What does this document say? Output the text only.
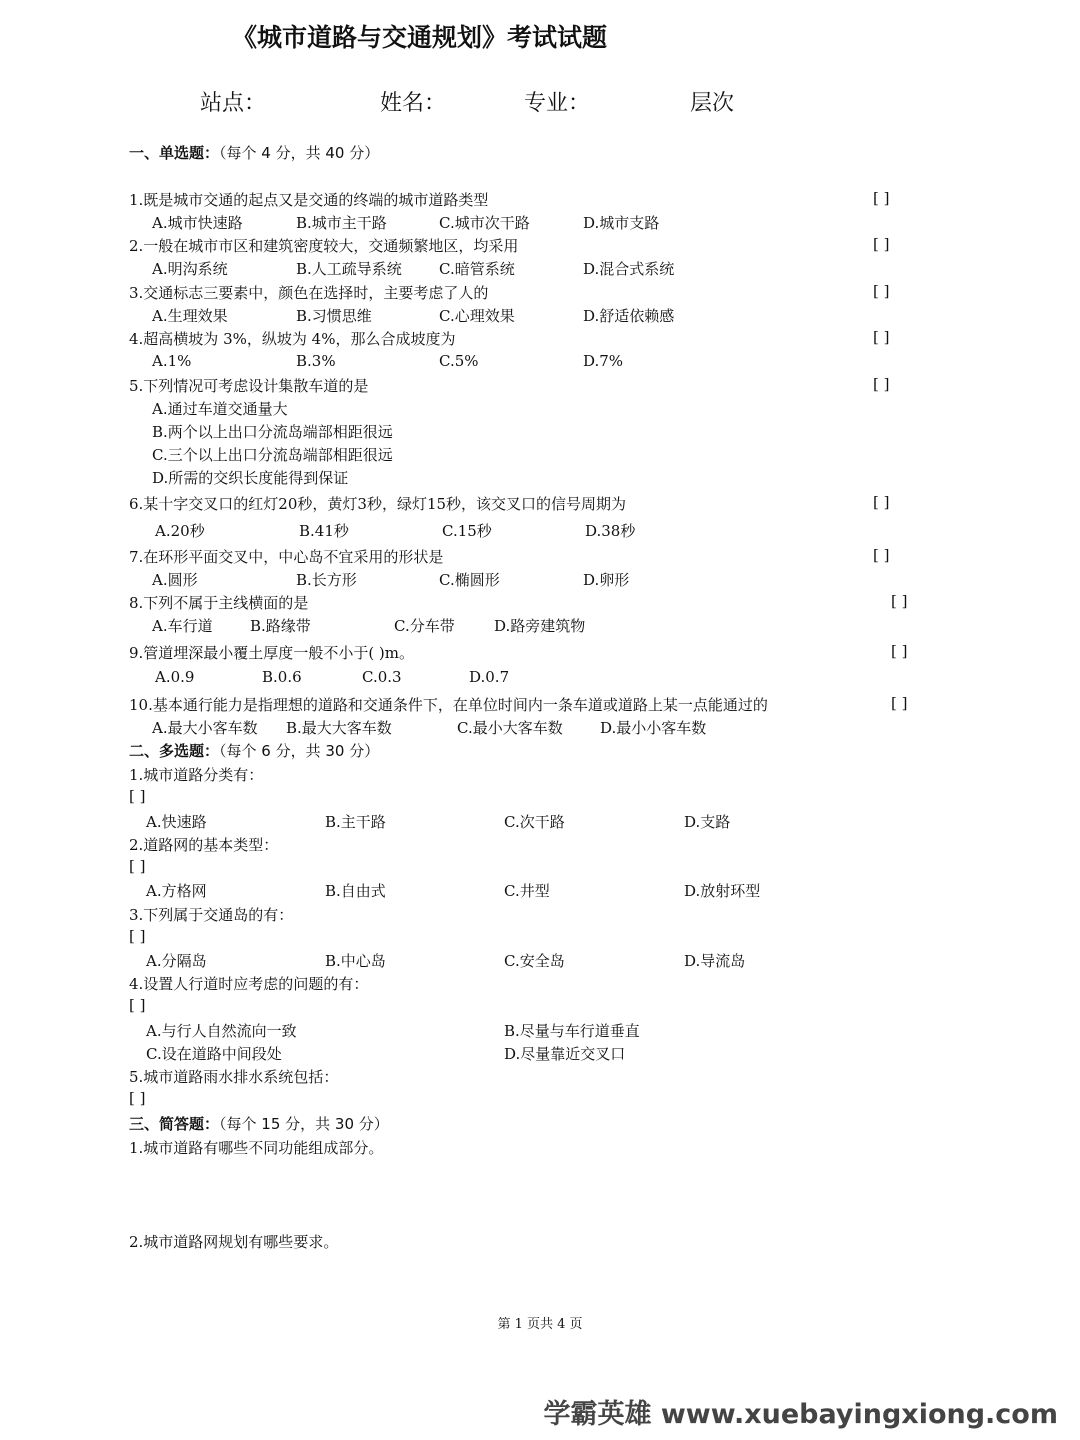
《城市道路与交通规划》考试试题
站点：	姓名：	专业：	层次
一、单选题：（每个 4 分，共 40 分）
1.既是城市交通的起点又是交通的终端的城市道路类型	[ ]
A.城市快速路	B.城市主干路	C.城市次干路	D.城市支路
2.一般在城市市区和建筑密度较大，交通频繁地区，均采用	[ ]
A.明沟系统	B.人工疏导系统 C.暗管系统	D.混合式系统
3.交通标志三要素中，颜色在选择时，主要考虑了人的	[ ]
A.生理效果	B.习惯思维	C.心理效果	D.舒适依赖感
4.超高横坡为 3%，纵坡为 4%，那么合成坡度为	[ ]
A.1%	B.3%	C.5%	D.7%
5.下列情况可考虑设计集散车道的是	[ ]
A.通过车道交通量大
B.两个以上出口分流岛端部相距很远
C.三个以上出口分流岛端部相距很远
D.所需的交织长度能得到保证
6.某十字交叉口的红灯20秒，黄灯3秒，绿灯15秒，该交叉口的信号周期为	[ ]
A.20秒	B.41秒	C.15秒	D.38秒
7.在环形平面交叉中，中心岛不宜采用的形状是	[ ]
A.圆形	B.长方形	C.椭圆形	D.卵形
8.下列不属于主线横面的是	[ ]
A.车行道 B.路缘带	C.分车带	D.路旁建筑物
9.管道埋深最小覆土厚度一般不小于( )m。	[ ]
A.0.9	B.0.6	C.0.3	D.0.7
10.基本通行能力是指理想的道路和交通条件下，在单位时间内一条车道或道路上某一点能通过的	[ ]
A.最大小客车数 B.最大大客车数	C.最小大客车数 D.最小小客车数
二、多选题：（每个 6 分，共 30 分）
1.城市道路分类有：
[ ]
A.快速路	B.主干路	C.次干路	D.支路
2.道路网的基本类型：
[ ]
A.方格网	B.自由式	C.井型	D.放射环型
3.下列属于交通岛的有：
[ ]
A.分隔岛	B.中心岛	C.安全岛	D.导流岛
4.设置人行道时应考虑的问题的有：
[ ]
A.与行人自然流向一致	B.尽量与车行道垂直
C.设在道路中间段处	D.尽量靠近交叉口
5.城市道路雨水排水系统包括：
[ ]
三、简答题：（每个 15 分，共 30 分）
1.城市道路有哪些不同功能组成部分。
2.城市道路网规划有哪些要求。
第 1 页共 4 页
学霸英雄 www.xuebayingxiong.com
